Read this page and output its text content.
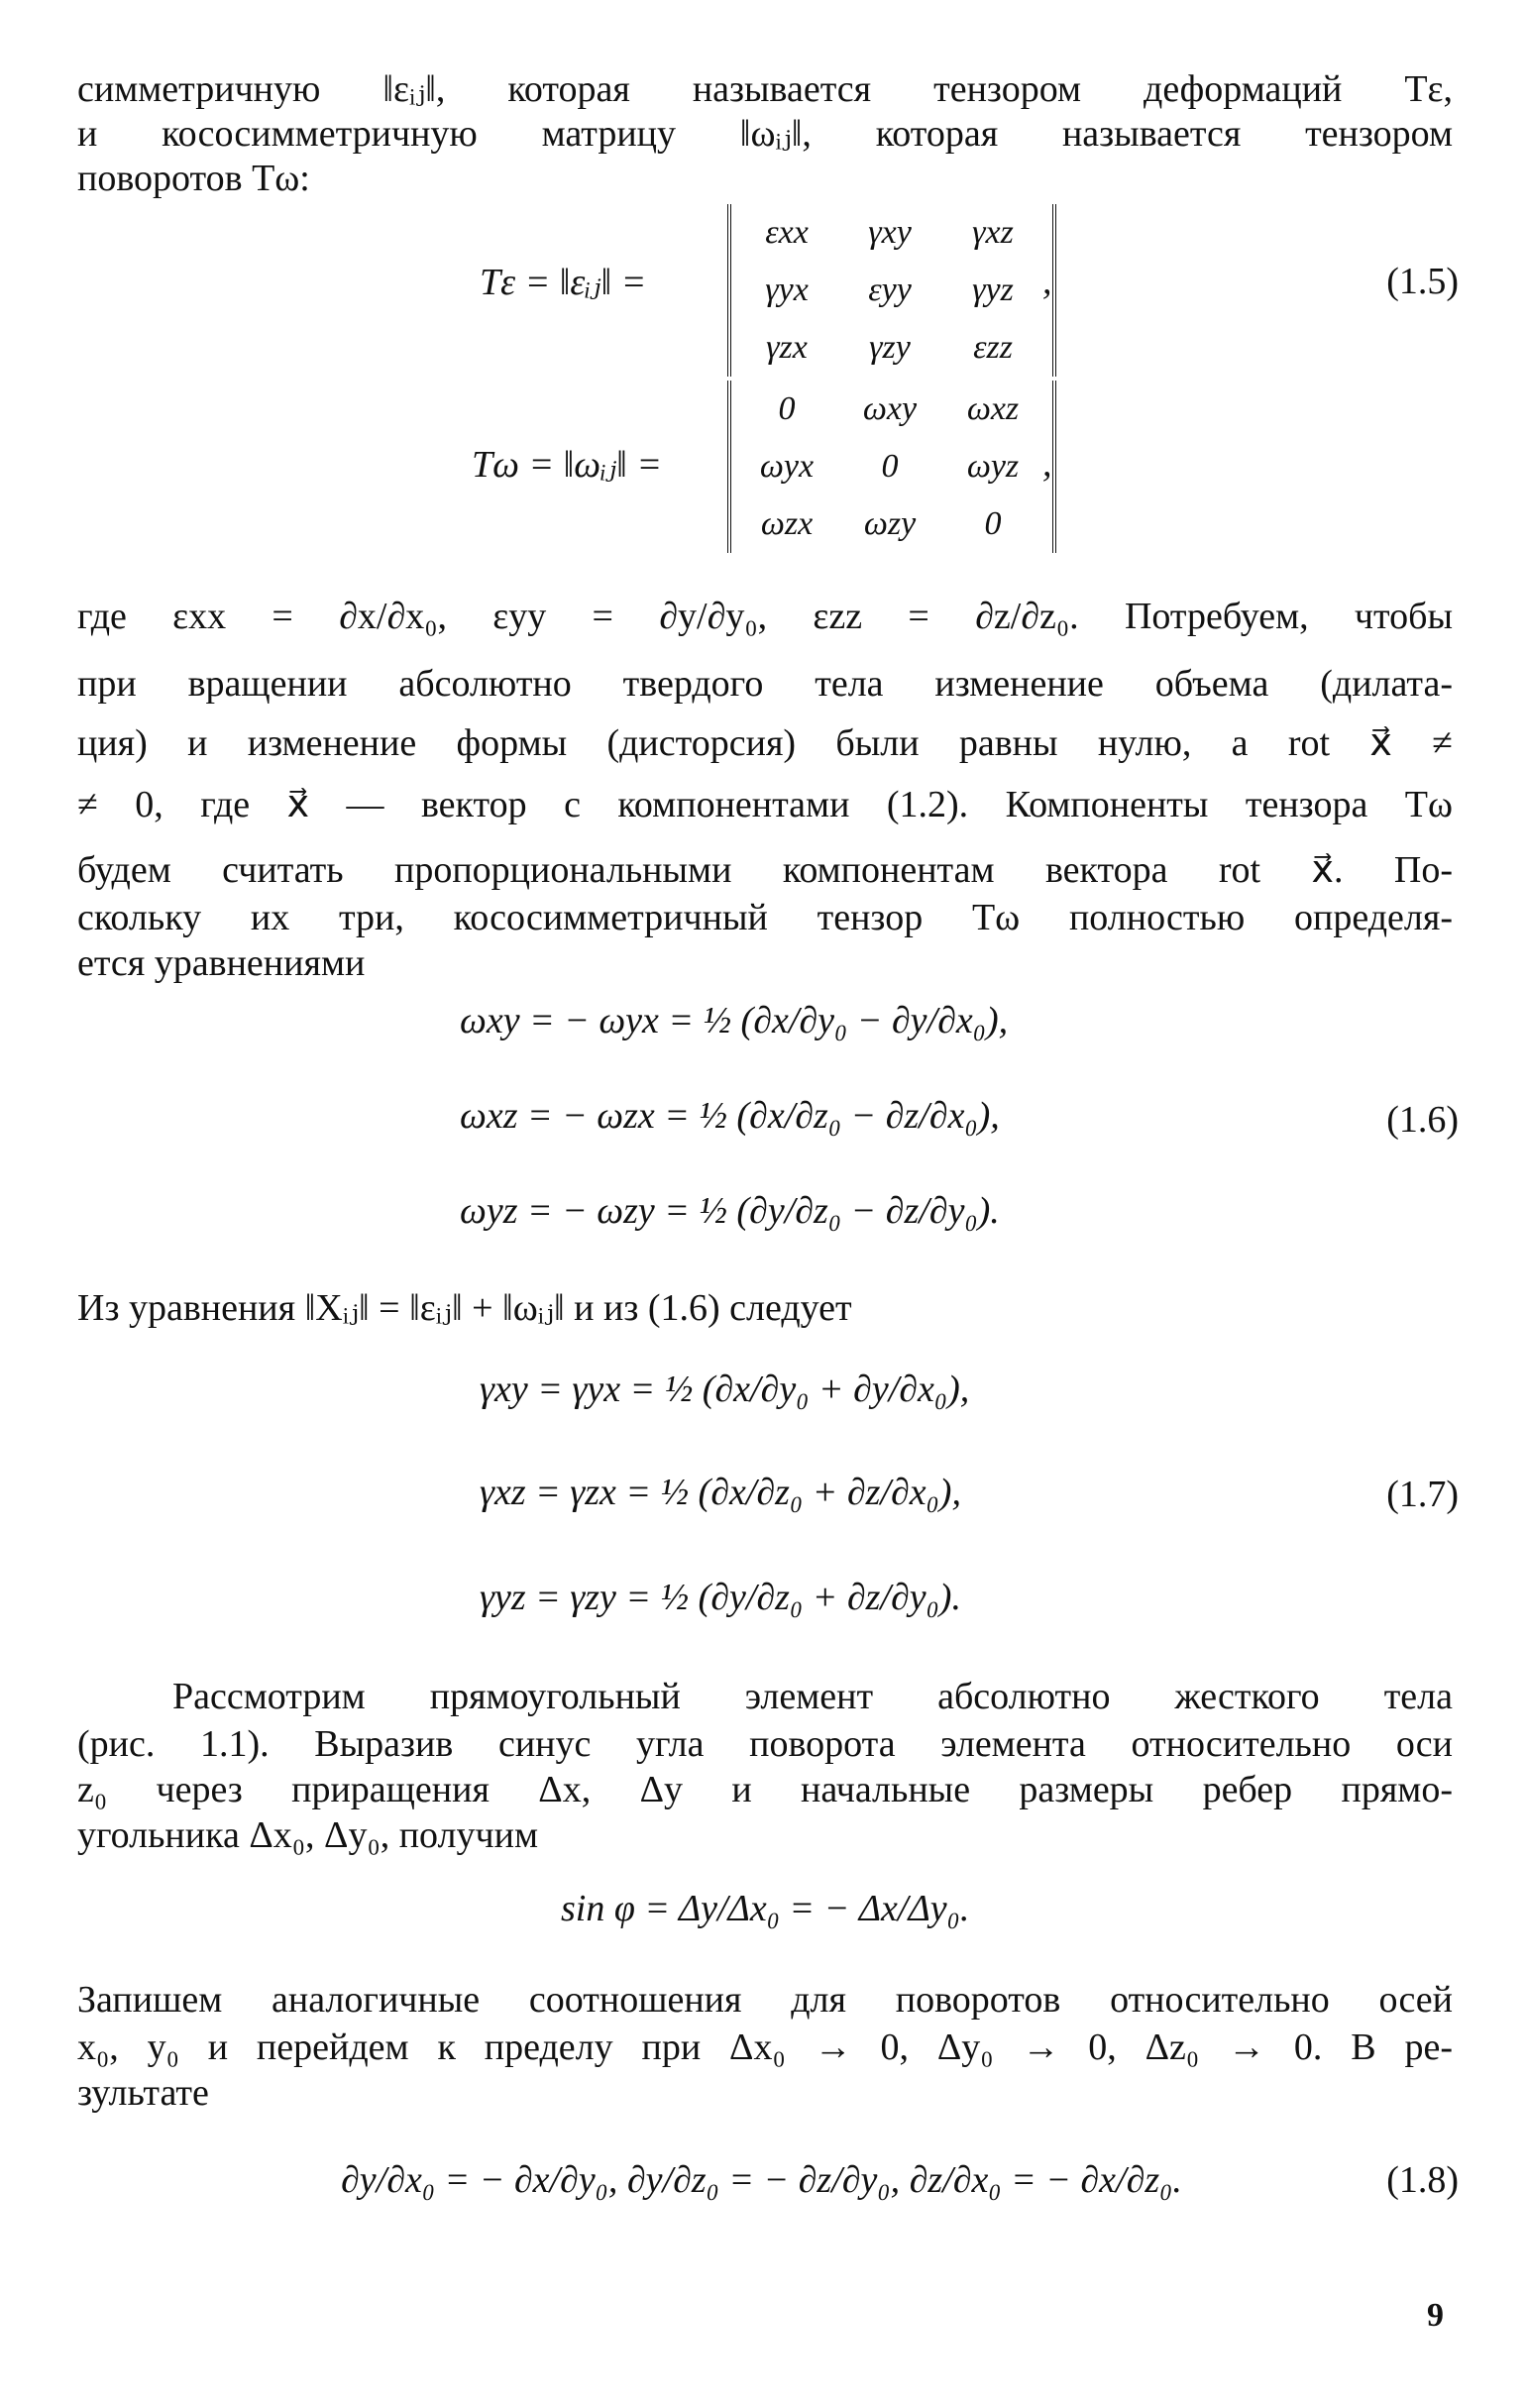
симметричную ‖εᵢⱼ‖, которая называется тензором деформаций Tε,
и кососимметричную матрицу ‖ωᵢⱼ‖, которая называется тензором
поворотов Tω:
Tε = ‖εᵢⱼ‖ =
εxx	γxy	γxz
γyx	εyy	γyz
γzx	γzy	εzz
,	(1.5)
Tω = ‖ωᵢⱼ‖ =
0	ωxy	ωxz
ωyx	0	ωyz
ωzx	ωzy	0
,
где εxx = ∂x/∂x₀, εyy = ∂y/∂y₀, εzz = ∂z/∂z₀. Потребуем, чтобы
при вращении абсолютно твердого тела изменение объема (дилата-
ция) и изменение формы (дисторсия) были равны нулю, а rot x⃗ ≠
≠ 0, где x⃗ — вектор с компонентами (1.2). Компоненты тензора Tω
будем считать пропорциональными компонентам вектора rot x⃗. По-
скольку их три, кососимметричный тензор Tω полностью определя-
ется уравнениями
ωxy = − ωyx = ½ (∂x/∂y₀ − ∂y/∂x₀),
ωxz = − ωzx = ½ (∂x/∂z₀ − ∂z/∂x₀),
ωyz = − ωzy = ½ (∂y/∂z₀ − ∂z/∂y₀).
(1.6)
Из уравнения ‖Xᵢⱼ‖ = ‖εᵢⱼ‖ + ‖ωᵢⱼ‖ и из (1.6) следует
γxy = γyx = ½ (∂x/∂y₀ + ∂y/∂x₀),
γxz = γzx = ½ (∂x/∂z₀ + ∂z/∂x₀),
γyz = γzy = ½ (∂y/∂z₀ + ∂z/∂y₀).
(1.7)
Рассмотрим прямоугольный элемент абсолютно жесткого тела
(рис. 1.1). Выразив синус угла поворота элемента относительно оси
z₀ через приращения Δx, Δy и начальные размеры ребер прямо-
угольника Δx₀, Δy₀, получим
sin φ = Δy/Δx₀ = − Δx/Δy₀.
Запишем аналогичные соотношения для поворотов относительно осей
x₀, y₀ и перейдем к пределу при Δx₀ → 0, Δy₀ → 0, Δz₀ → 0. В ре-
зультате
∂y/∂x₀ = − ∂x/∂y₀, ∂y/∂z₀ = − ∂z/∂y₀, ∂z/∂x₀ = − ∂x/∂z₀.	(1.8)
9
